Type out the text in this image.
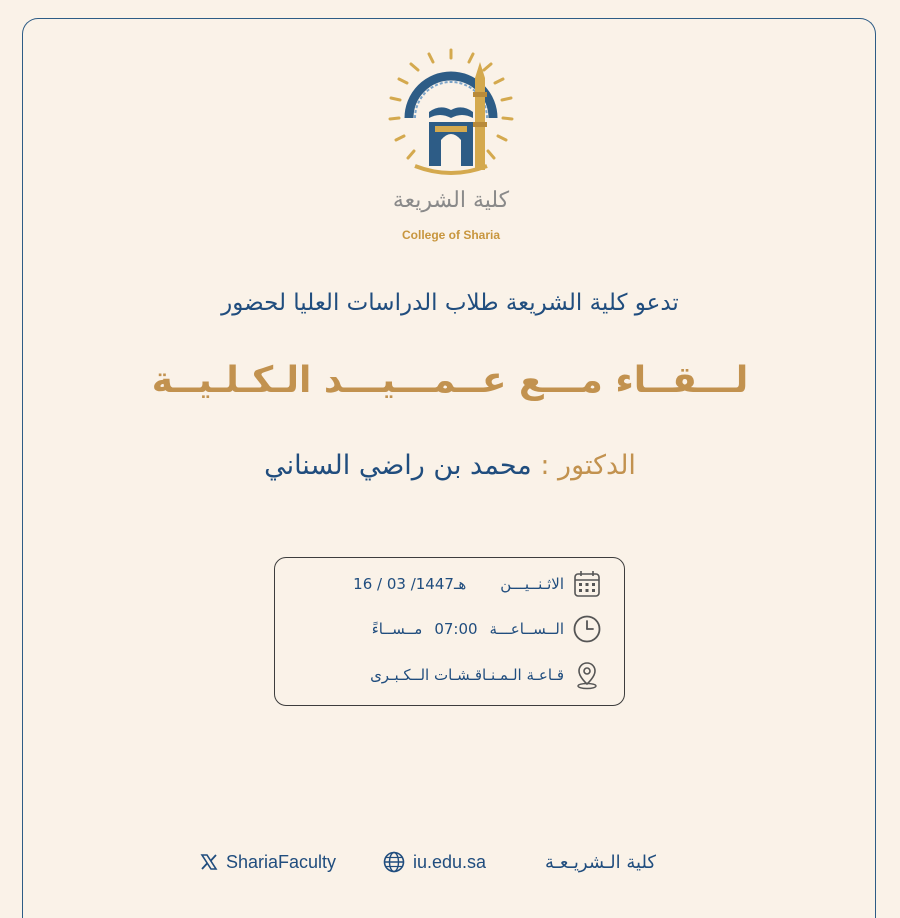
كلية الشريعة
College of Sharia
تدعو كلية الشريعة طلاب الدراسات العليا لحضور
لـــقــاء مـــع عــمـــيـــد الـكـلـيــة
الدكتور : محمد بن راضي السناني
الاثـنــيـــن
16 / 03 /1447هـ
الــســاعـــة
07:00
مــســاءً
قـاعـة الـمـنـاقـشـات الــكـبـرى
ShariaFaculty	iu.edu.sa	كلية الـشريـعـة
